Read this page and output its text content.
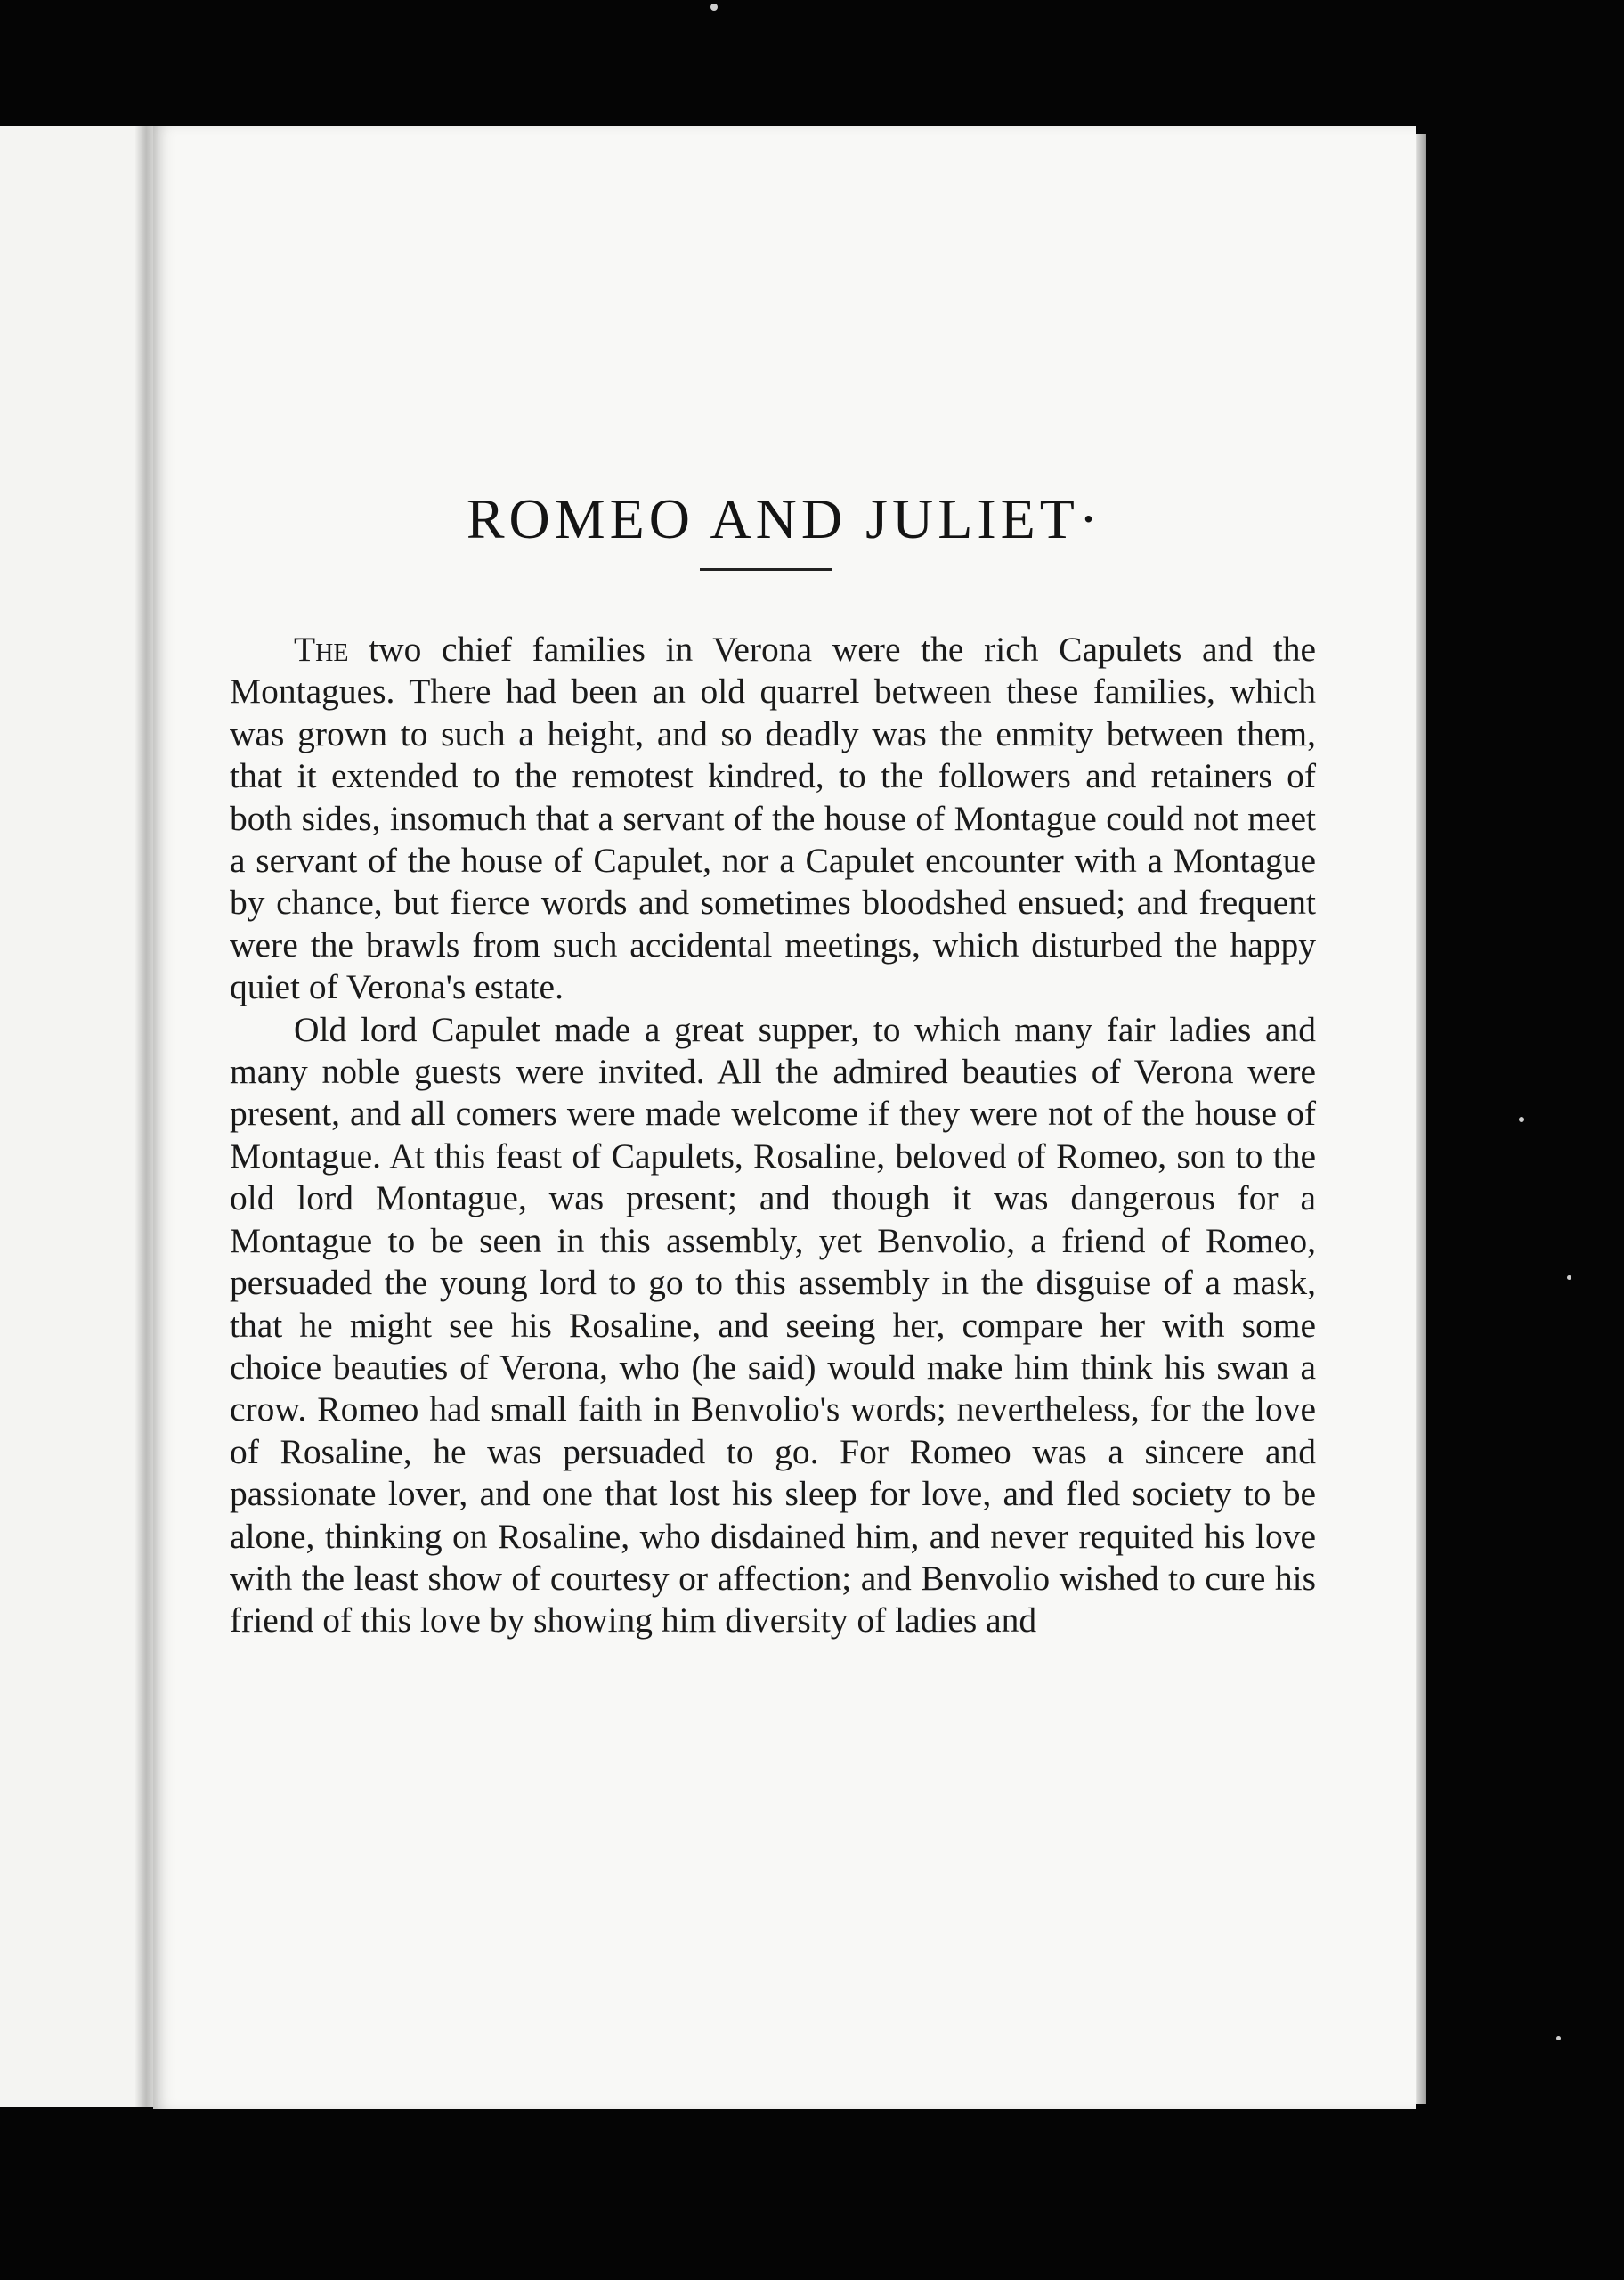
ROMEO AND JULIET·

The two chief families in Verona were the rich Capulets and the Montagues. There had been an old quarrel between these families, which was grown to such a height, and so deadly was the enmity between them, that it extended to the remotest kindred, to the followers and retainers of both sides, insomuch that a servant of the house of Montague could not meet a servant of the house of Capulet, nor a Capulet encounter with a Montague by chance, but fierce words and sometimes bloodshed ensued; and frequent were the brawls from such accidental meetings, which disturbed the happy quiet of Verona's estate.

Old lord Capulet made a great supper, to which many fair ladies and many noble guests were invited. All the admired beauties of Verona were present, and all comers were made welcome if they were not of the house of Montague. At this feast of Capulets, Rosaline, beloved of Romeo, son to the old lord Montague, was present; and though it was dangerous for a Montague to be seen in this assembly, yet Benvolio, a friend of Romeo, persuaded the young lord to go to this assembly in the disguise of a mask, that he might see his Rosaline, and seeing her, compare her with some choice beauties of Verona, who (he said) would make him think his swan a crow. Romeo had small faith in Benvolio's words; nevertheless, for the love of Rosaline, he was persuaded to go. For Romeo was a sincere and passionate lover, and one that lost his sleep for love, and fled society to be alone, thinking on Rosaline, who disdained him, and never requited his love with the least show of courtesy or affection; and Benvolio wished to cure his friend of this love by showing him diversity of ladies and
